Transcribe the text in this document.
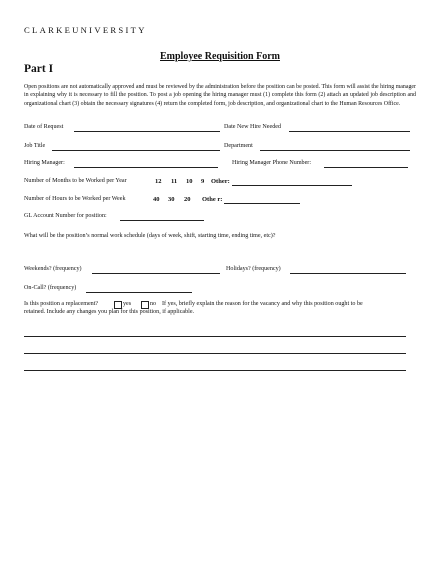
CLARKEUNIVERSITY
Employee Requisition Form
Part I
Open positions are not automatically approved and must be reviewed by the administration before the position can be posted. This form will assist the hiring manager in explaining why it is necessary to fill the position. To post a job opening the hiring manager must (1) complete this form (2) attach an updated job description and organizational chart (3) obtain the necessary signatures (4) return the completed form, job description, and organizational chart to the Human Resources Office.
Date of Request	Date New Hire Needed
Job Title	Department
Hiring Manager:	Hiring Manager Phone Number:
Number of Months to be Worked per Year	12 11 10 9 Other:
Number of Hours to be Worked per Week	40 30 20 Othe r:
GL Account Number for position:
What will be the position’s normal work schedule (days of week, shift, starting time, ending time, etc)?
Weekends? (frequency)	Holidays? (frequency)
On-Call? (frequency)
Is this position a replacement?	yes	no If yes, briefly explain the reason for the vacancy and why this position ought to be
retained. Include any changes you plan for this position, if applicable.
